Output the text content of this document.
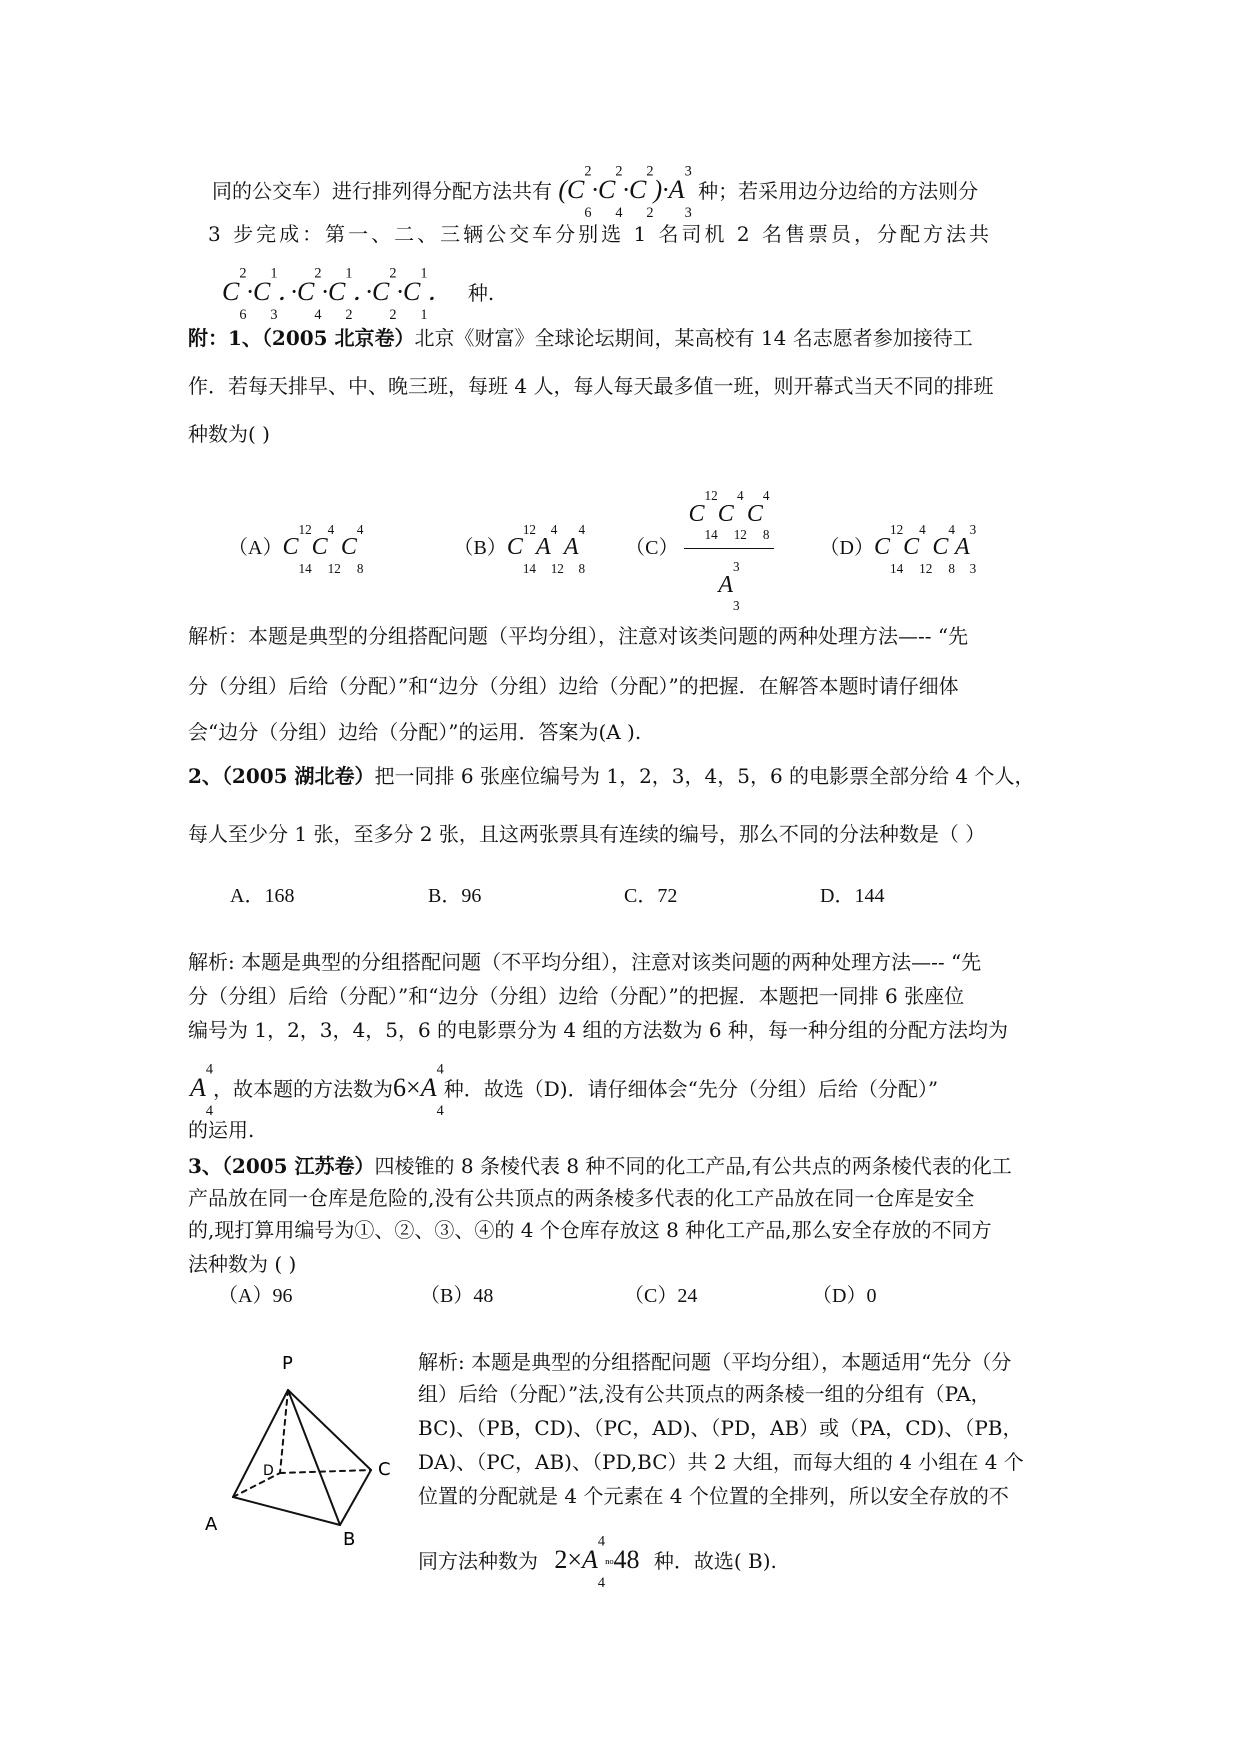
同的公交车）进行排列得分配方法共有 ($C^2$
$_6\cdot C^2$
$_4\cdot C^2$
$_2)\cdot A^3$
$_3$ 种；若采用边分边给的方法则分
3 步完成：第一、二、三辆公交车分别选 1 名司机 2 名售票员，分配方法共
$C^2$
$_6\cdot C^1$
$_3$．$\cdot C^2$
$_4\cdot C^1$
$_2$．$\cdot C^2$
$_2\cdot C^1$
$_1$． 种.
附：1、（2005 北京卷）北京《财富》全球论坛期间，某高校有 14 名志愿者参加接待工
作．若每天排早、中、晚三班，每班 4 人，每人每天最多值一班，则开幕式当天不同的排班
种数为( )
$(A)C^{12}$
$_{14}C^4$
$_{12}C^4$
$_8$  $(B)C^{12}$
$_{14}A^4$
$_{12}A^4$
$_8$  （C）
$C^{12}$
$_{14}C^4$
$_{12}C^4$
$_8$
$A^3$
$_3$
$(D)C^{12}$
$_{14}C^4$
$_{12}C^4$
$_8A^3$
$_3$
解析：本题是典型的分组搭配问题（平均分组），注意对该类问题的两种处理方法—-- “先
分（分组）后给（分配）”和“边分（分组）边给（分配）”的把握．在解答本题时请仔细体
会“边分（分组）边给（分配）”的运用．答案为(A ).
2、（2005 湖北卷）把一同排 6 张座位编号为 1，2，3，4，5，6 的电影票全部分给 4 个人，
每人至少分 1 张，至多分 2 张，且这两张票具有连续的编号，那么不同的分法种数是（ ）
A．168	B．96	C．72	D．144
解析: 本题是典型的分组搭配问题（不平均分组），注意对该类问题的两种处理方法—-- “先
分（分组）后给（分配）”和“边分（分组）边给（分配）”的把握．本题把一同排 6 张座位
编号为 1，2，3，4，5，6 的电影票分为 4 组的方法数为 6 种，每一种分组的分配方法均为
$A^4$
$_4$，故本题的方法数为$6\times A^4$
$_4$种．故选（D)．请仔细体会“先分（分组）后给（分配）”
的运用.
3、（2005 江苏卷）四棱锥的 8 条棱代表 8 种不同的化工产品,有公共点的两条棱代表的化工
产品放在同一仓库是危险的,没有公共顶点的两条棱多代表的化工产品放在同一仓库是安全
的,现打算用编号为①、②、③、④的 4 个仓库存放这 8 种化工产品,那么安全存放的不同方
法种数为 ( )
（A）96	（B）48	（C）24	（D）0
P
A
B
C
D
解析: 本题是典型的分组搭配问题（平均分组），本题适用“先分（分
组）后给（分配）”法,没有公共顶点的两条棱一组的分组有（PA，
BC)、（PB，CD)、（PC，AD)、（PD，AB）或（PA，CD)、（PB，
DA)、（PC，AB)、（PD,BC）共 2 大组，而每大组的 4 小组在 4 个
位置的分配就是 4 个元素在 4 个位置的全排列，所以安全存放的不
同方法种数为 $2\times A^4$
$_4$ⁿᵒ48 种．故选( B).
